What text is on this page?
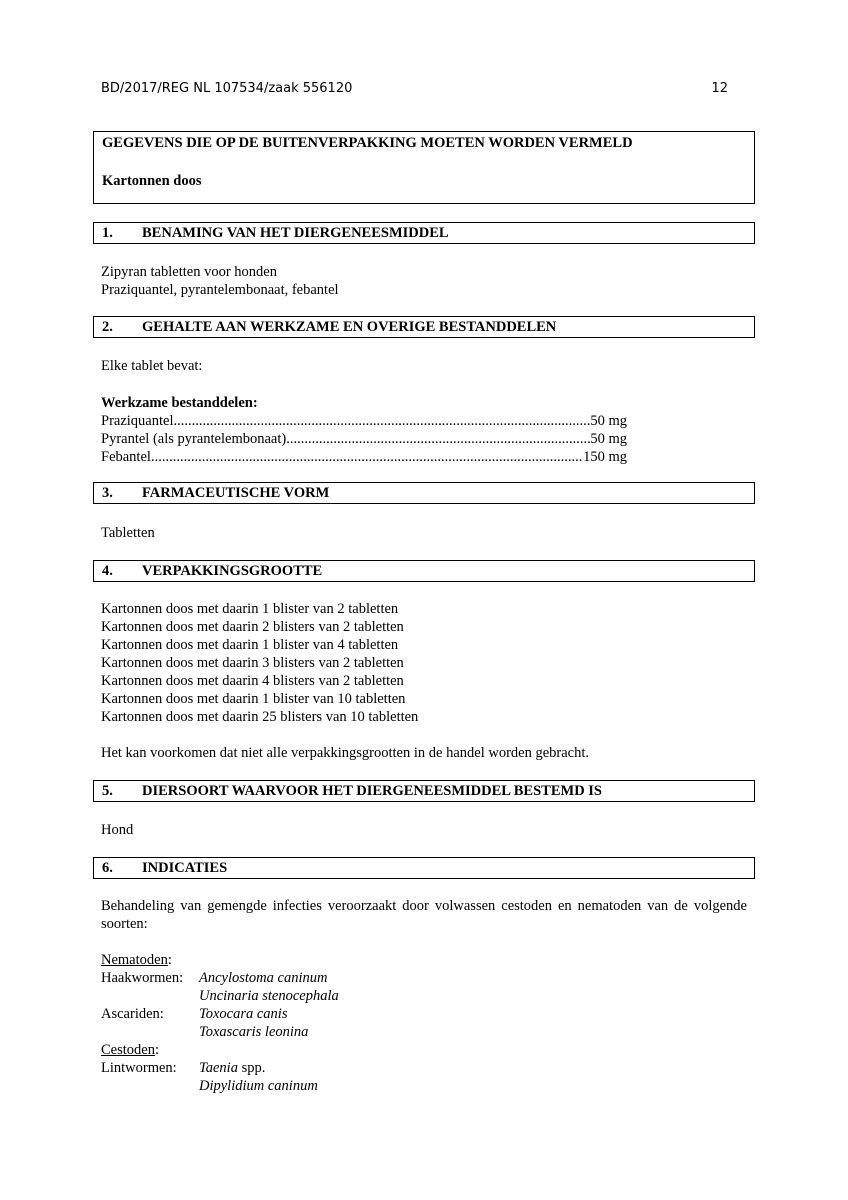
BD/2017/REG NL 107534/zaak 556120	12
GEGEVENS DIE OP DE BUITENVERPAKKING MOETEN WORDEN VERMELD
Kartonnen doos
1. BENAMING VAN HET DIERGENEESMIDDEL
Zipyran tabletten voor honden
Praziquantel, pyrantelembonaat, febantel
2. GEHALTE AAN WERKZAME EN OVERIGE BESTANDDELEN
Elke tablet bevat:
Werkzame bestanddelen:
Praziquantel .....	50 mg
Pyrantel (als pyrantelembonaat) .....	50 mg
Febantel .....	150 mg
3. FARMACEUTISCHE VORM
Tabletten
4. VERPAKKINGSGROOTTE
Kartonnen doos met daarin 1 blister van 2 tabletten
Kartonnen doos met daarin 2 blisters van 2 tabletten
Kartonnen doos met daarin 1 blister van 4 tabletten
Kartonnen doos met daarin 3 blisters van 2 tabletten
Kartonnen doos met daarin 4 blisters van 2 tabletten
Kartonnen doos met daarin 1 blister van 10 tabletten
Kartonnen doos met daarin 25 blisters van 10 tabletten
Het kan voorkomen dat niet alle verpakkingsgrootten in de handel worden gebracht.
5. DIERSOORT WAARVOOR HET DIERGENEESMIDDEL BESTEMD IS
Hond
6. INDICATIES
Behandeling van gemengde infecties veroorzaakt door volwassen cestoden en nematoden van de volgende soorten:
Nematoden:
Haakwormen: Ancylostoma caninum
Uncinaria stenocephala
Ascariden: Toxocara canis
Toxascaris leonina
Cestoden:
Lintwormen: Taenia spp.
Dipylidium caninum
